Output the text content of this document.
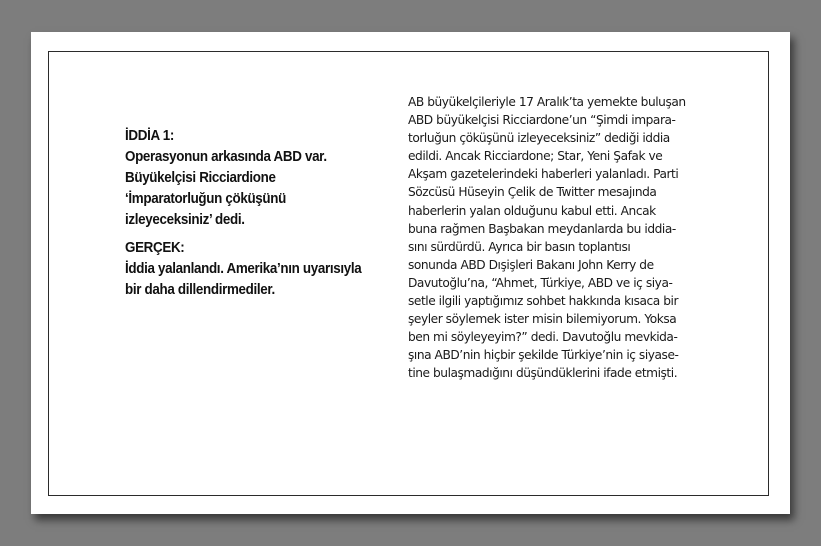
İDDİA 1:
Operasyonun arkasında ABD var. Büyükelçisi Ricciardione ‘İmparatorluğun çöküşünü izleyeceksiniz’ dedi.
GERÇEK:
İddia yalanlandı. Amerika’nın uyarısıyla bir daha dillendirmediler.
AB büyükelçileriyle 17 Aralık’ta yemekte buluşan
ABD büyükelçisi Ricciardone’un “Şimdi impara-
torluğun çöküşünü izleyeceksiniz” dediği iddia
edildi. Ancak Ricciardone; Star, Yeni Şafak ve
Akşam gazetelerindeki haberleri yalanladı. Parti
Sözcüsü Hüseyin Çelik de Twitter mesajında
haberlerin yalan olduğunu kabul etti. Ancak
buna rağmen Başbakan meydanlarda bu iddia-
sını sürdürdü. Ayrıca bir basın toplantısı
sonunda ABD Dışişleri Bakanı John Kerry de
Davutoğlu’na, “Ahmet, Türkiye, ABD ve iç siya-
setle ilgili yaptığımız sohbet hakkında kısaca bir
şeyler söylemek ister misin bilemiyorum. Yoksa
ben mi söyleyeyim?” dedi. Davutoğlu mevkida-
şına ABD’nin hiçbir şekilde Türkiye’nin iç siyase-
tine bulaşmadığını düşündüklerini ifade etmişti.
